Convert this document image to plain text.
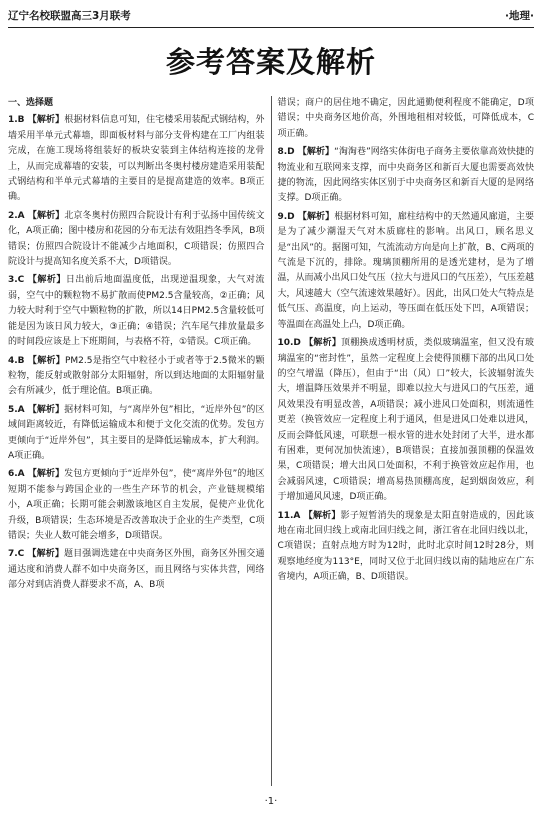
辽宁名校联盟高三3月联考	·地理·
参考答案及解析
一、选择题
1.B 【解析】根据材料信息可知，住宅楼采用装配式钢结构，外墙采用半单元式幕墙，即面板材料与部分支骨构建在工厂内组装完成，在施工现场将组装好的板块安装到主体结构连接的龙骨上，从而完成幕墙的安装，可以判断出冬奥村楼房建造采用装配式钢结构和半单元式幕墙的主要目的是提高建造的效率。B项正确。
2.A 【解析】北京冬奥村仿照四合院设计有利于弘扬中国传统文化，A项正确；图中楼房和花园的分布无法有效阻挡冬季风，B项错误；仿照四合院设计不能减少占地面积，C项错误；仿照四合院设计与提高知名度关系不大，D项错误。
3.C 【解析】日出前后地面温度低，出现逆温现象，大气对流弱，空气中的颗粒物不易扩散而使PM2.5含量较高，②正确；风力较大时利于空气中颗粒物的扩散，所以14日PM2.5含量较低可能是因为该日风力较大，③正确；④错误；汽车尾气排放量最多的时间段应该是上下班期间，与表格不符，①错误。C项正确。
4.B 【解析】PM2.5是指空气中粒径小于或者等于2.5微米的颗粒物，能反射或散射部分太阳辐射，所以到达地面的太阳辐射量会有所减少，低于理论值。B项正确。
5.A 【解析】据材料可知，与“离岸外包”相比，“近岸外包”的区域间距离较近，有降低运输成本和便于文化交流的优势。发包方更倾向于“近岸外包”，其主要目的是降低运输成本，扩大利润。A项正确。
6.A 【解析】发包方更倾向于“近岸外包”，使“离岸外包”的地区短期不能参与跨国企业的一些生产环节的机会，产业链规模缩小，A项正确；长期可能会刺激该地区自主发展，促使产业优化升级，B项错误；生态环境是否改善取决于企业的生产类型，C项错误；失业人数可能会增多，D项错误。
7.C 【解析】题目强调选建在中央商务区外围，商务区外围交通通达度和消费人群不如中央商务区，而且网络与实体共营，网络部分对到店消费人群要求不高，A、B项
错误；商户的居住地不确定，因此通勤便利程度不能确定，D项错误；中央商务区地价高，外围地租相对较低，可降低成本，C项正确。
8.D 【解析】“淘淘巷”网络实体街电子商务主要依靠高效快捷的物流业和互联网来支撑，而中央商务区和新百大厦也需要高效快捷的物流，因此网络实体区别于中央商务区和新百大厦的是网络支撑。D项正确。
9.D 【解析】根据材料可知，廊柱结构中的天然通风廊道，主要是为了减少潮湿天气对木质廊柱的影响。出风口，顾名思义是“出风”的。据图可知，气流流动方向是向上扩散，B、C两项的气流是下沉的，排除。瑰璃顶棚所用的是透光建材，是为了增温，从而减小出风口处气压（拉大与进风口的气压差），气压差越大，风速越大（空气流速效果越好）。因此，出风口处大气特点是低气压、高温度，向上运动，等压面在低压处下凹，A项错误；等温面在高温处上凸，D项正确。
10.D 【解析】顶棚换成透明材质，类似玻璃温室，但又没有玻璃温室的“密封性”，虽然一定程度上会使得顶棚下部的出风口处的空气增温（降压），但由于“出（风）口”较大，长波辐射流失大，增温降压效果并不明显，即难以拉大与进风口的气压差，通风效果没有明显改善，A项错误；减小进风口处面积，则流通性更差（换管效应一定程度上利于通风，但是进风口处难以进风，反而会降低风速，可联想一根水管的进水处封闭了大半，进水都有困难，更何况加快流速），B项错误；直接加强顶棚的保温效果，C项错误；增大出风口处面积，不利于换管效应起作用，也会减弱风速，C项错误；增高易热顶棚高度，起到烟囱效应，利于增加通风风速，D项正确。
11.A 【解析】影子短暂消失的现象是太阳直射造成的，因此该地在南北回归线上或南北回归线之间，浙江省在北回归线以北，C项错误；直射点地方时为12时，此时北京时间12时28分，则观察地经度为113°E，同时又位于北回归线以南的陆地应在广东省境内，A项正确，B、D项错误。
·1·
